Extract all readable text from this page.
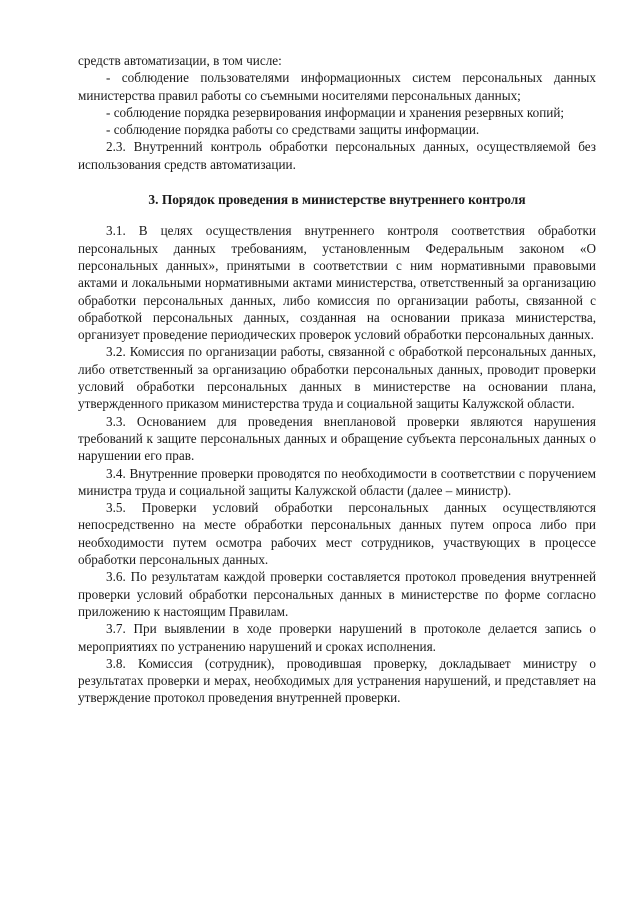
средств автоматизации, в том числе:

- соблюдение пользователями информационных систем персональных данных министерства правил работы со съемными носителями персональных данных;

- соблюдение порядка резервирования информации и хранения резервных копий;

- соблюдение порядка работы со средствами защиты информации.

2.3. Внутренний контроль обработки персональных данных, осуществляемой без использования средств автоматизации.

3. Порядок проведения в министерстве внутреннего контроля

3.1. В целях осуществления внутреннего контроля соответствия обработки персональных данных требованиям, установленным Федеральным законом «О персональных данных», принятыми в соответствии с ним нормативными правовыми актами и локальными нормативными актами министерства, ответственный за организацию обработки персональных данных, либо комиссия по организации работы, связанной с обработкой персональных данных, созданная на основании приказа министерства, организует проведение периодических проверок условий обработки персональных данных.

3.2. Комиссия по организации работы, связанной с обработкой персональных данных, либо ответственный за организацию обработки персональных данных, проводит проверки условий обработки персональных данных в министерстве на основании плана, утвержденного приказом министерства труда и социальной защиты Калужской области.

3.3. Основанием для проведения внеплановой проверки являются нарушения требований к защите персональных данных и обращение субъекта персональных данных о нарушении его прав.

3.4. Внутренние проверки проводятся по необходимости в соответствии с поручением министра труда и социальной защиты Калужской области (далее – министр).

3.5. Проверки условий обработки персональных данных осуществляются непосредственно на месте обработки персональных данных путем опроса либо при необходимости путем осмотра рабочих мест сотрудников, участвующих в процессе обработки персональных данных.

3.6. По результатам каждой проверки составляется протокол проведения внутренней проверки условий обработки персональных данных в министерстве по форме согласно приложению к настоящим Правилам.

3.7. При выявлении в ходе проверки нарушений в протоколе делается запись о мероприятиях по устранению нарушений и сроках исполнения.

3.8. Комиссия (сотрудник), проводившая проверку, докладывает министру о результатах проверки и мерах, необходимых для устранения нарушений, и представляет на утверждение протокол проведения внутренней проверки.
